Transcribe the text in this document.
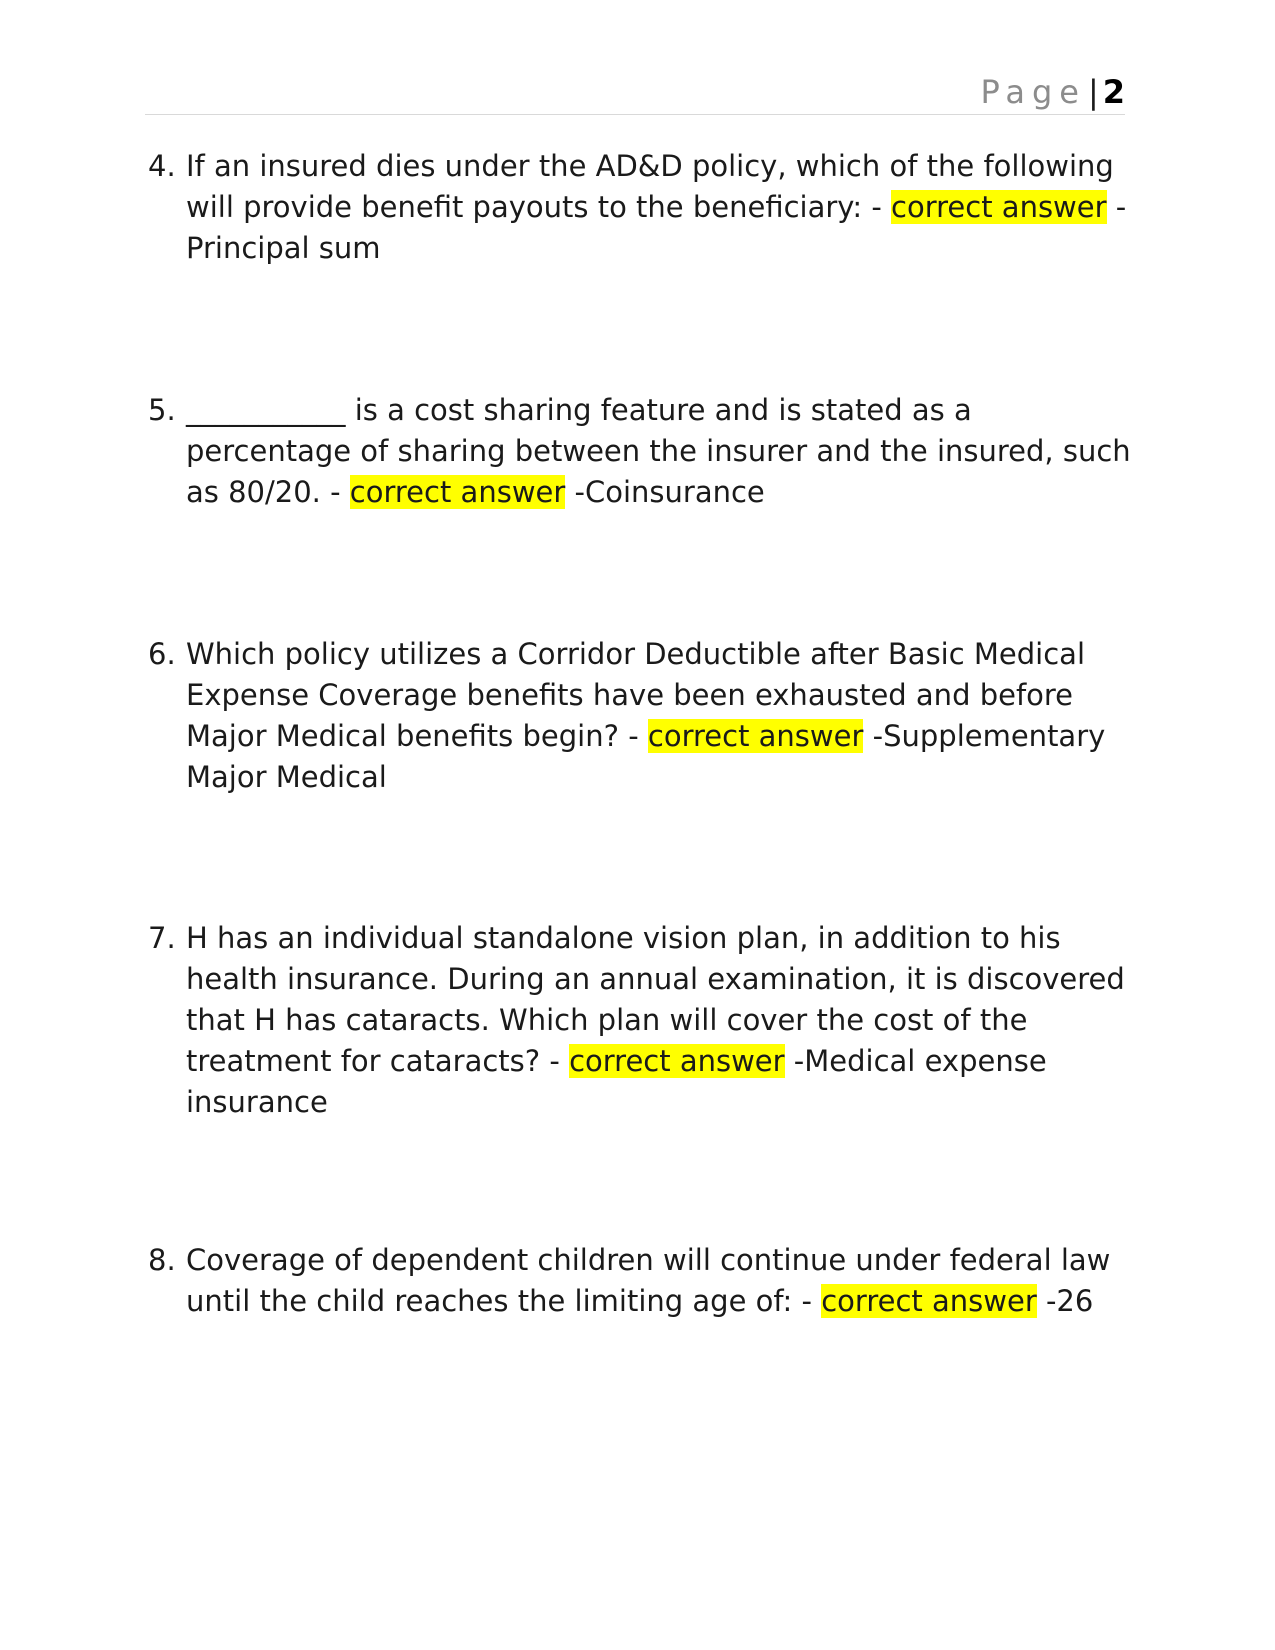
Page| 2
4. If an insured dies under the AD&D policy, which of the following will provide benefit payouts to the beneficiary: - correct answer -Principal sum
5. ___________ is a cost sharing feature and is stated as a percentage of sharing between the insurer and the insured, such as 80/20. - correct answer -Coinsurance
6. Which policy utilizes a Corridor Deductible after Basic Medical Expense Coverage benefits have been exhausted and before Major Medical benefits begin? - correct answer -Supplementary Major Medical
7. H has an individual standalone vision plan, in addition to his health insurance. During an annual examination, it is discovered that H has cataracts. Which plan will cover the cost of the treatment for cataracts? - correct answer -Medical expense insurance
8. Coverage of dependent children will continue under federal law until the child reaches the limiting age of: - correct answer -26
